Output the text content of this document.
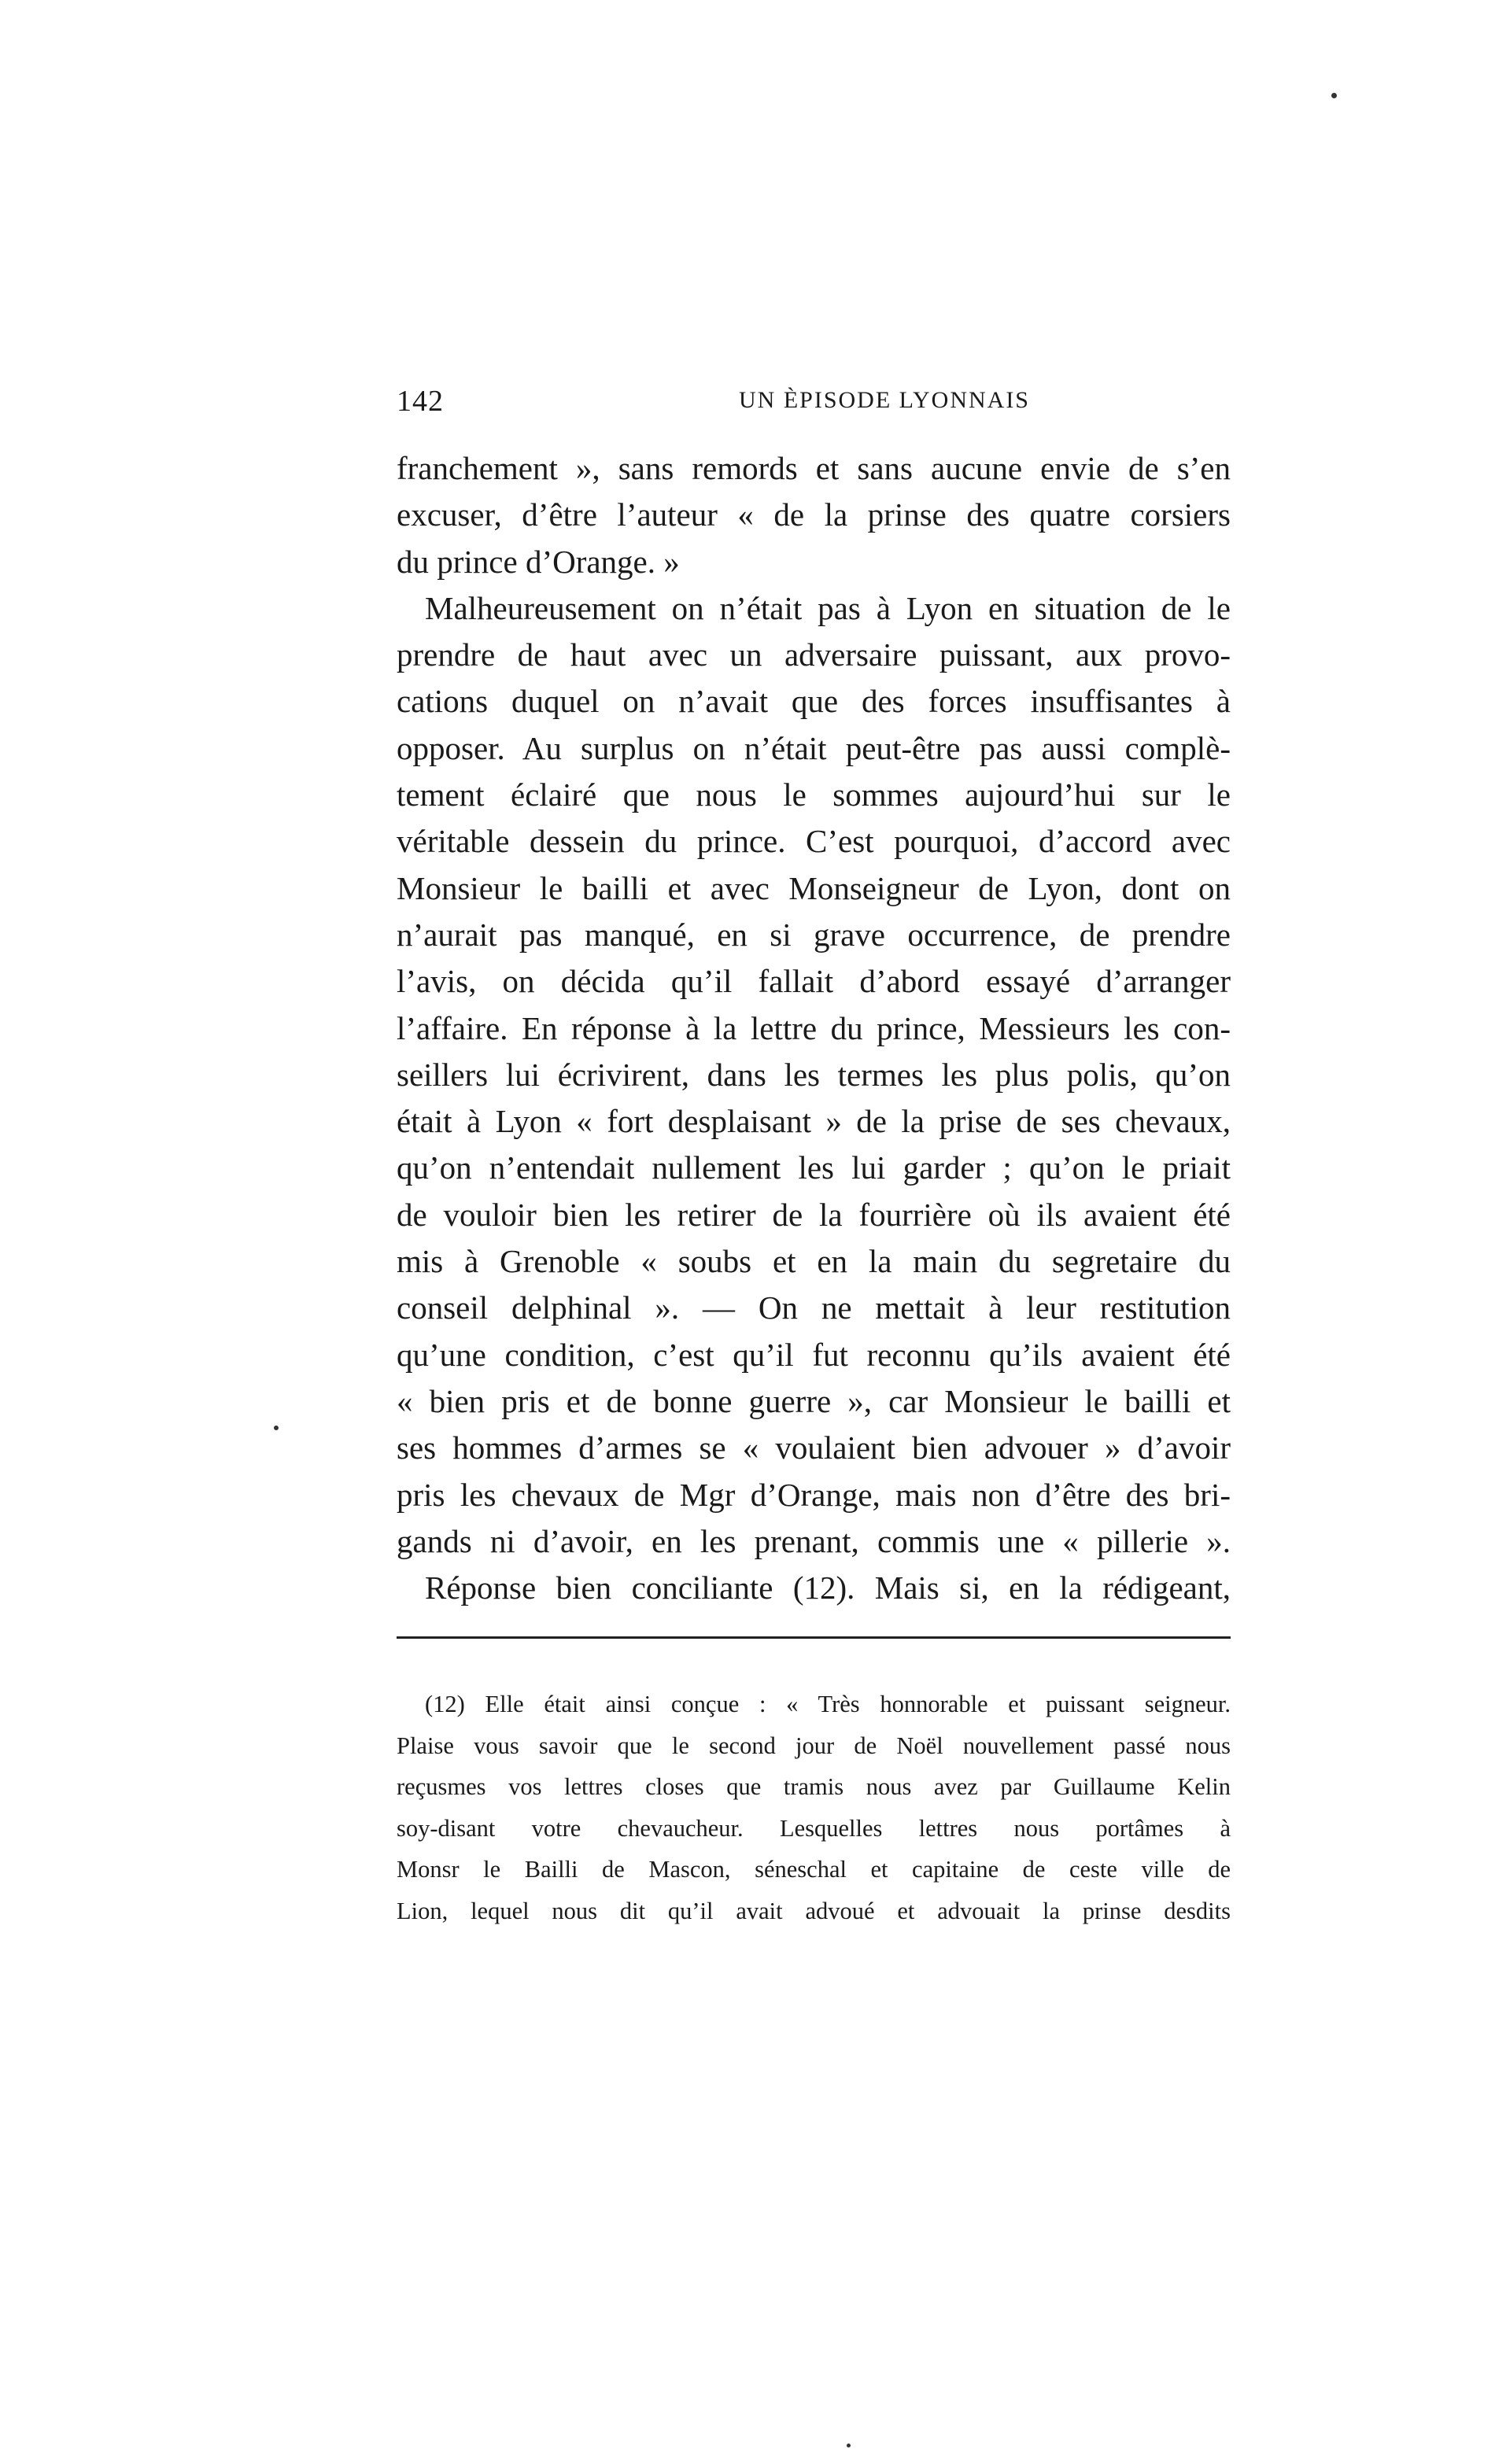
142	UN ÈPISODE LYONNAIS
franchement », sans remords et sans aucune envie de s’en
excuser, d’être l’auteur « de la prinse des quatre corsiers
du prince d’Orange. »
Malheureusement on n’était pas à Lyon en situation de le
prendre de haut avec un adversaire puissant, aux provo-
cations duquel on n’avait que des forces insuffisantes à
opposer. Au surplus on n’était peut-être pas aussi complè-
tement éclairé que nous le sommes aujourd’hui sur le
véritable dessein du prince. C’est pourquoi, d’accord avec
Monsieur le bailli et avec Monseigneur de Lyon, dont on
n’aurait pas manqué, en si grave occurrence, de prendre
l’avis, on décida qu’il fallait d’abord essayé d’arranger
l’affaire. En réponse à la lettre du prince, Messieurs les con-
seillers lui écrivirent, dans les termes les plus polis, qu’on
était à Lyon « fort desplaisant » de la prise de ses chevaux,
qu’on n’entendait nullement les lui garder ; qu’on le priait
de vouloir bien les retirer de la fourrière où ils avaient été
mis à Grenoble « soubs et en la main du segretaire du
conseil delphinal ». — On ne mettait à leur restitution
qu’une condition, c’est qu’il fut reconnu qu’ils avaient été
« bien pris et de bonne guerre », car Monsieur le bailli et
ses hommes d’armes se « voulaient bien advouer » d’avoir
pris les chevaux de Mgr d’Orange, mais non d’être des bri-
gands ni d’avoir, en les prenant, commis une « pillerie ».
Réponse bien conciliante (12). Mais si, en la rédigeant,
(12) Elle était ainsi conçue : « Très honnorable et puissant seigneur.
Plaise vous savoir que le second jour de Noël nouvellement passé nous
reçusmes vos lettres closes que tramis nous avez par Guillaume Kelin
soy-disant votre chevaucheur. Lesquelles lettres nous portâmes à
Monsr le Bailli de Mascon, séneschal et capitaine de ceste ville de
Lion, lequel nous dit qu’il avait advoué et advouait la prinse desdits
